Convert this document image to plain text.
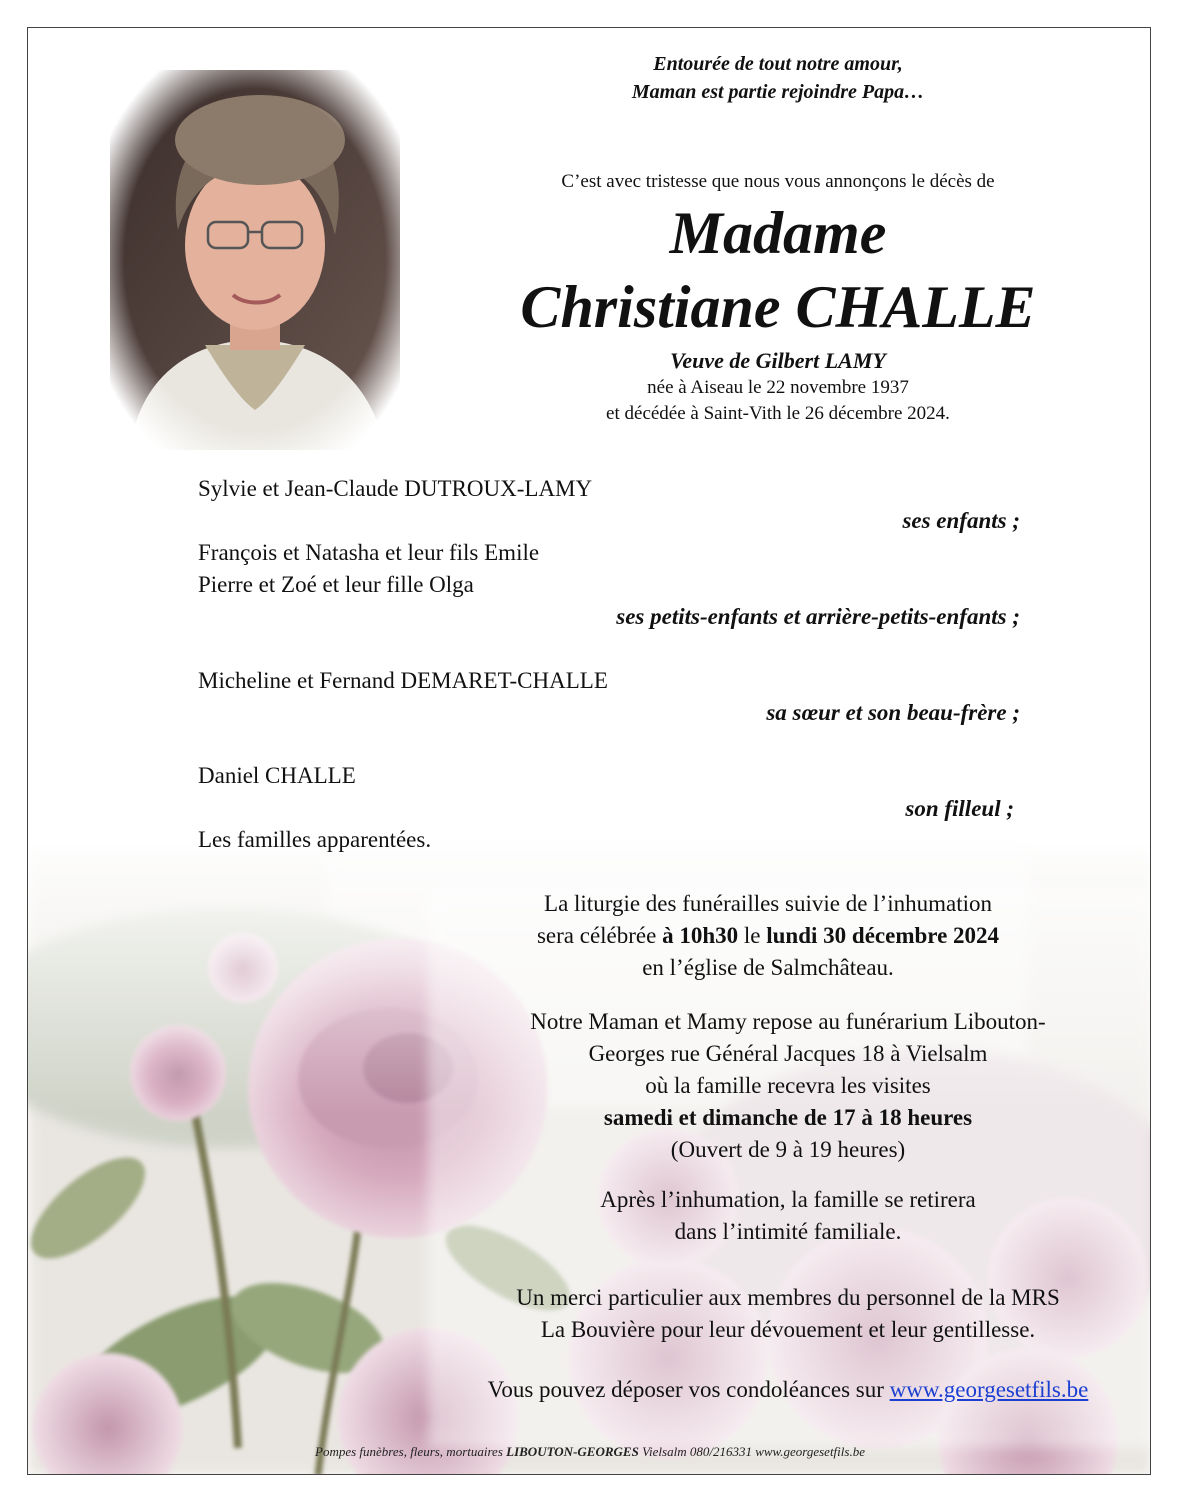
Entourée de tout notre amour,
Maman est partie rejoindre Papa…
C’est avec tristesse que nous vous annonçons le décès de
Madame
Christiane CHALLE
Veuve de Gilbert LAMY
née à Aiseau le 22 novembre 1937
et décédée à Saint-Vith le 26 décembre 2024.
Sylvie et Jean-Claude DUTROUX-LAMY
ses enfants ;
François et Natasha et leur fils Emile
Pierre et Zoé et leur fille Olga
ses petits-enfants et arrière-petits-enfants ;
Micheline et Fernand DEMARET-CHALLE
sa sœur et son beau-frère ;
Daniel CHALLE
son filleul ;
Les familles apparentées.
La liturgie des funérailles suivie de l’inhumation
sera célébrée à 10h30 le lundi 30 décembre 2024
en l’église de Salmchâteau.
Notre Maman et Mamy repose au funérarium Libouton-
Georges rue Général Jacques 18 à Vielsalm
où la famille recevra les visites
samedi et dimanche de 17 à 18 heures
(Ouvert de 9 à 19 heures)
Après l’inhumation, la famille se retirera
dans l’intimité familiale.
Un merci particulier aux membres du personnel de la MRS
La Bouvière pour leur dévouement et leur gentillesse.
Vous pouvez déposer vos condoléances sur www.georgesetfils.be
Pompes funèbres, fleurs, mortuaires LIBOUTON-GEORGES Vielsalm 080/216331 www.georgesetfils.be
